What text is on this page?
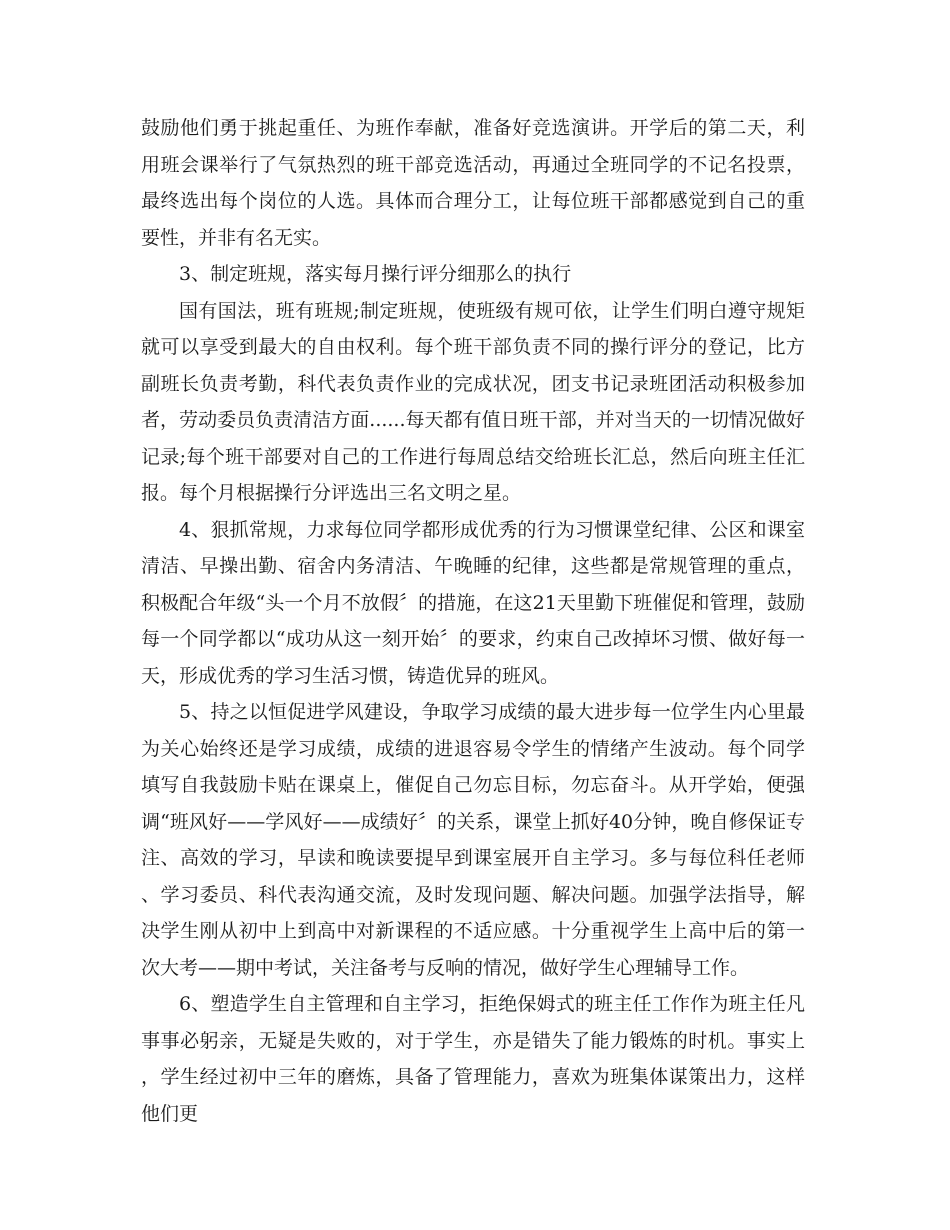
鼓励他们勇于挑起重任、为班作奉献，准备好竞选演讲。开学后的第二天，利用班会课举行了气氛热烈的班干部竞选活动，再通过全班同学的不记名投票，最终选出每个岗位的人选。具体而合理分工，让每位班干部都感觉到自己的重要性，并非有名无实。

3、制定班规，落实每月操行评分细那么的执行

国有国法，班有班规;制定班规，使班级有规可依，让学生们明白遵守规矩就可以享受到最大的自由权利。每个班干部负责不同的操行评分的登记，比方副班长负责考勤，科代表负责作业的完成状况，团支书记录班团活动积极参加者，劳动委员负责清洁方面......每天都有值日班干部，并对当天的一切情况做好记录;每个班干部要对自己的工作进行每周总结交给班长汇总，然后向班主任汇报。每个月根据操行分评选出三名文明之星。

4、狠抓常规，力求每位同学都形成优秀的行为习惯课堂纪律、公区和课室清洁、早操出勤、宿舍内务清洁、午晚睡的纪律，这些都是常规管理的重点，积极配合年级“头一个月不放假〞的措施，在这21天里勤下班催促和管理，鼓励每一个同学都以“成功从这一刻开始〞的要求，约束自己改掉坏习惯、做好每一天，形成优秀的学习生活习惯，铸造优异的班风。

5、持之以恒促进学风建设，争取学习成绩的最大进步每一位学生内心里最为关心始终还是学习成绩，成绩的进退容易令学生的情绪产生波动。每个同学填写自我鼓励卡贴在课桌上，催促自己勿忘目标，勿忘奋斗。从开学始，便强调“班风好——学风好——成绩好〞的关系，课堂上抓好40分钟，晚自修保证专注、高效的学习，早读和晚读要提早到课室展开自主学习。多与每位科任老师、学习委员、科代表沟通交流，及时发现问题、解决问题。加强学法指导，解决学生刚从初中上到高中对新课程的不适应感。十分重视学生上高中后的第一次大考——期中考试，关注备考与反响的情况，做好学生心理辅导工作。

6、塑造学生自主管理和自主学习，拒绝保姆式的班主任工作作为班主任凡事事必躬亲，无疑是失败的，对于学生，亦是错失了能力锻炼的时机。事实上，学生经过初中三年的磨炼，具备了管理能力，喜欢为班集体谋策出力，这样他们更
